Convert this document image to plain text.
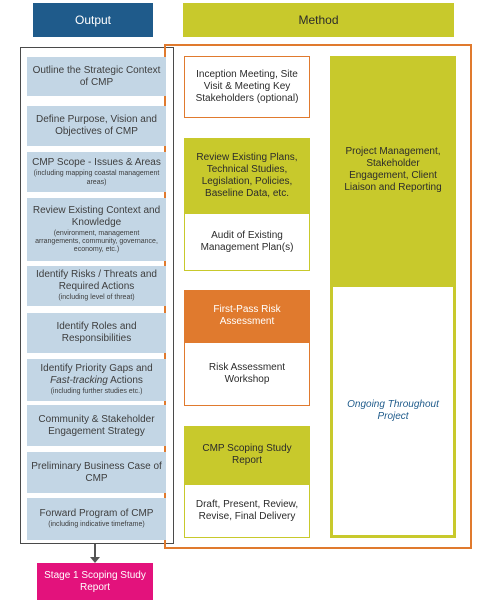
Output	Method
Outline the Strategic Context of CMP
Define Purpose, Vision and Objectives of CMP
CMP Scope - Issues & Areas
(including mapping coastal management areas)
Review Existing Context and Knowledge
(environment, management arrangements, community, governance, economy, etc.)
Identify Risks / Threats and Required Actions
(including level of threat)
Identify Roles and Responsibilities
Identify Priority Gaps and Fast-tracking Actions
(including further studies etc.)
Community & Stakeholder Engagement Strategy
Preliminary Business Case of CMP
Forward Program of CMP
(including indicative timeframe)
Stage 1 Scoping Study Report
Inception Meeting, Site Visit & Meeting Key Stakeholders (optional)
Review Existing Plans, Technical Studies, Legislation, Policies, Baseline Data, etc.
Audit of Existing Management Plan(s)
First-Pass Risk Assessment
Risk Assessment Workshop
CMP Scoping Study Report
Draft, Present, Review, Revise, Final Delivery
Project Management, Stakeholder Engagement, Client Liaison and Reporting
Ongoing Throughout Project
